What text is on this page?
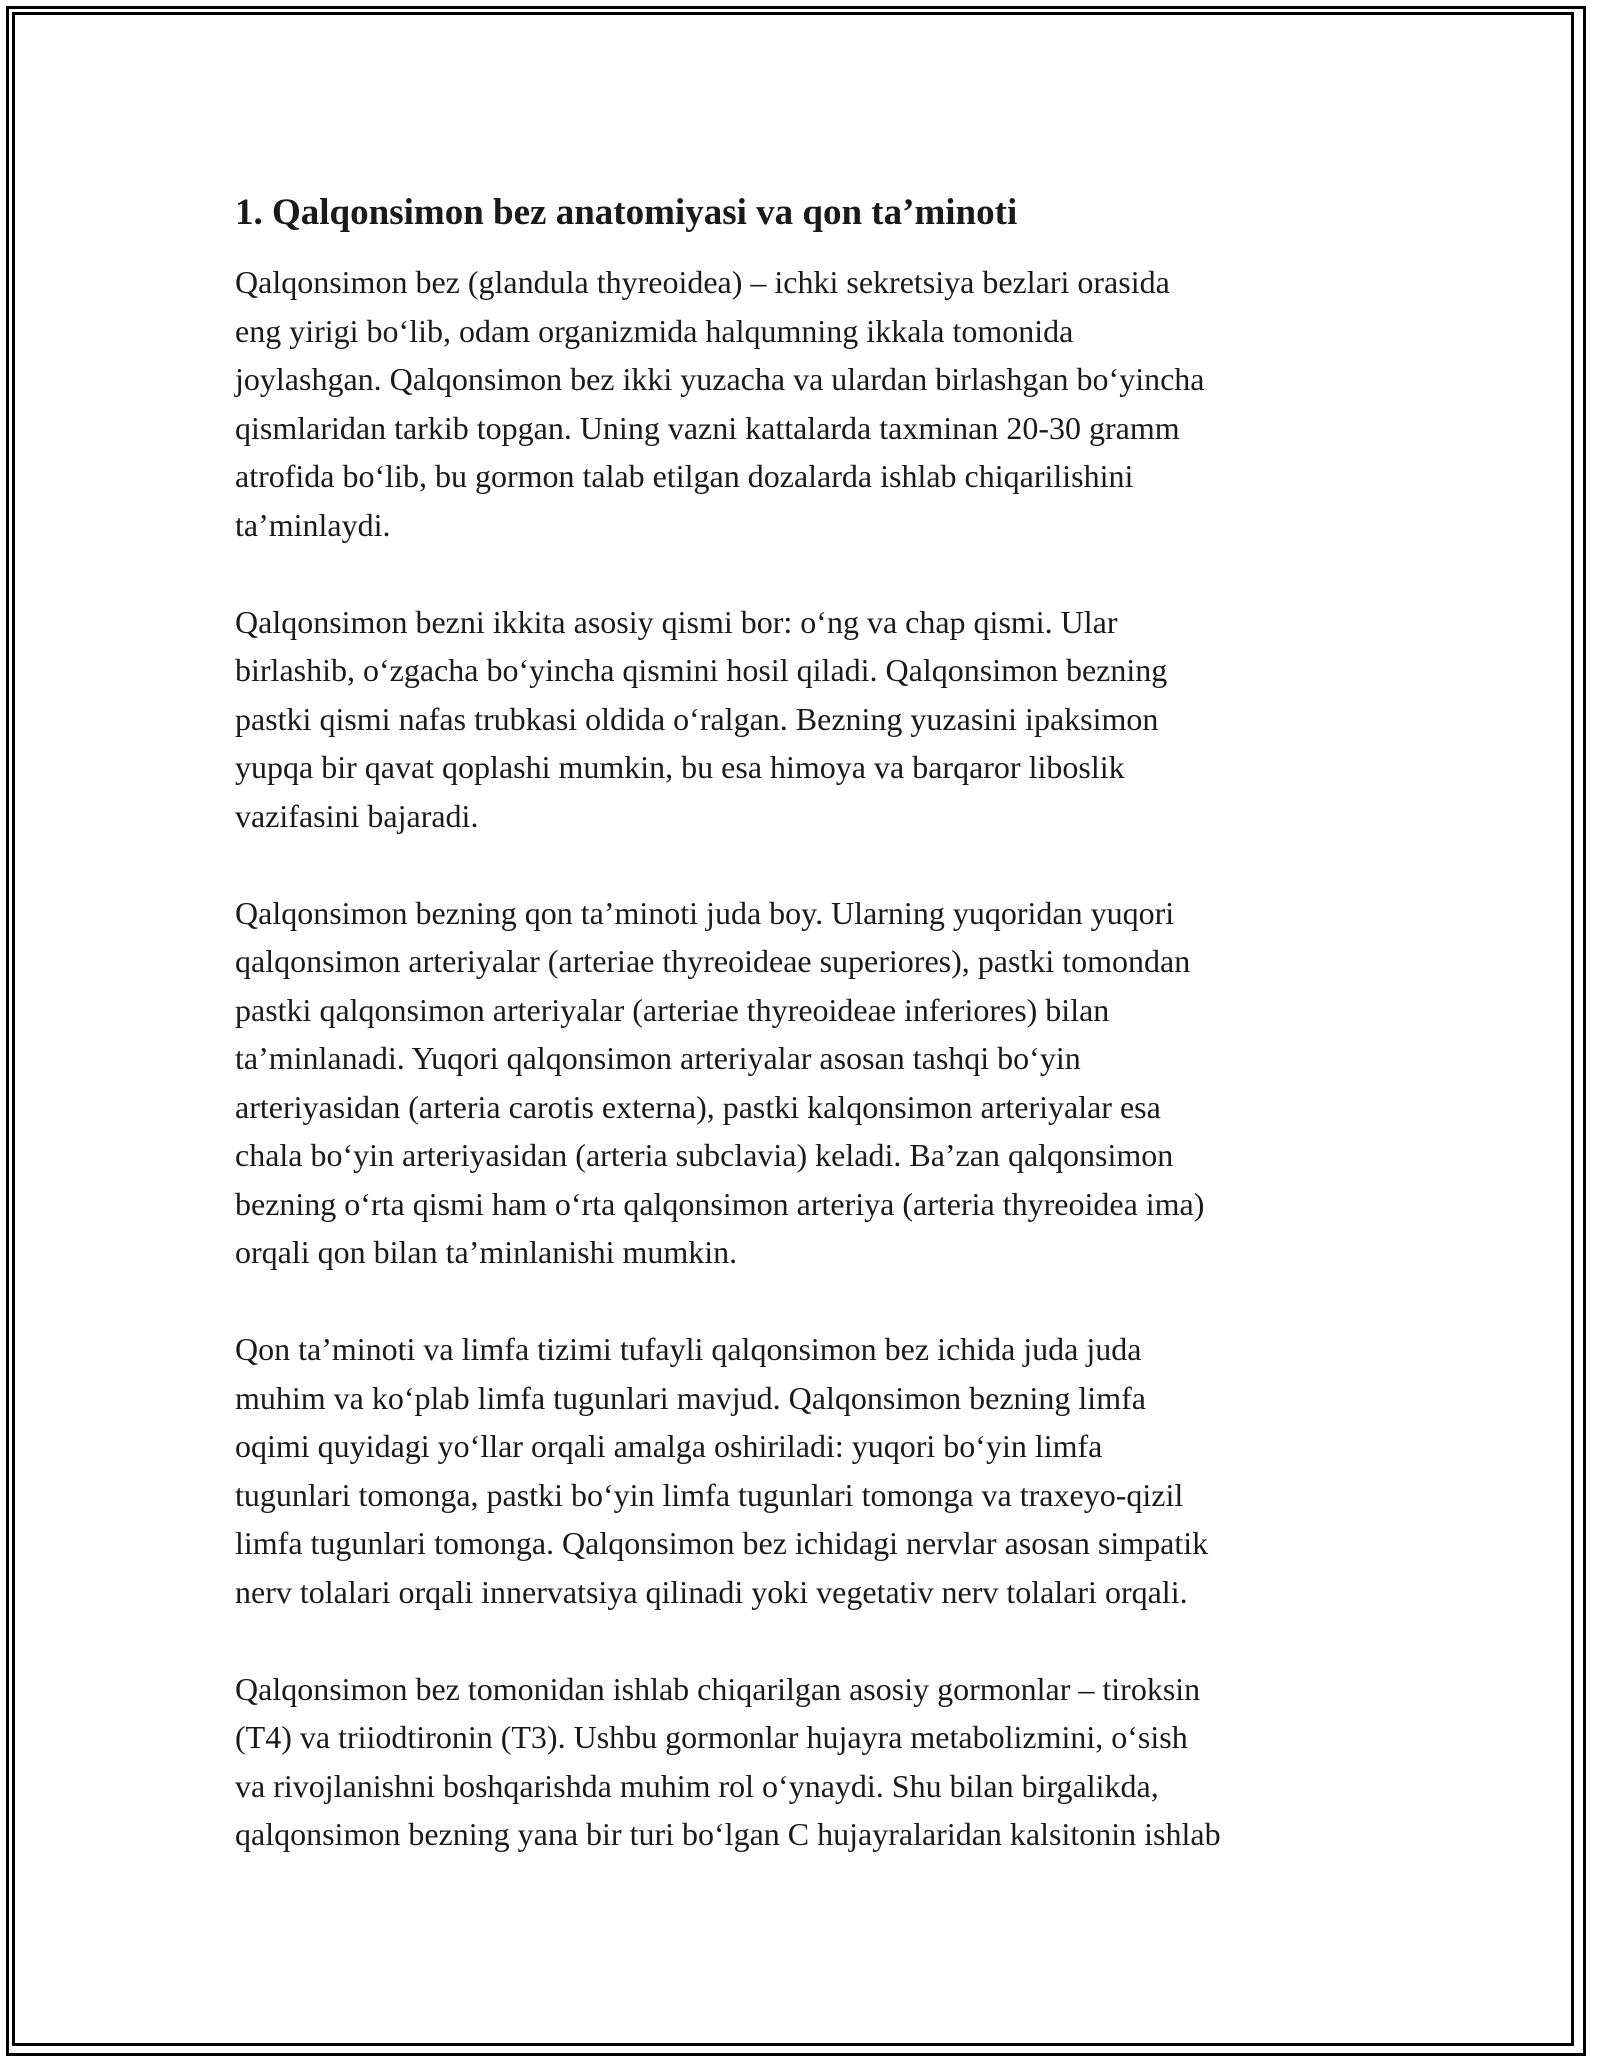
1. Qalqonsimon bez anatomiyasi va qon ta’minoti

Qalqonsimon bez (glandula thyreoidea) – ichki sekretsiya bezlari orasida
eng yirigi bo‘lib, odam organizmida halqumning ikkala tomonida
joylashgan. Qalqonsimon bez ikki yuzacha va ulardan birlashgan bo‘yincha
qismlaridan tarkib topgan. Uning vazni kattalarda taxminan 20-30 gramm
atrofida bo‘lib, bu gormon talab etilgan dozalarda ishlab chiqarilishini
ta’minlaydi.

Qalqonsimon bezni ikkita asosiy qismi bor: o‘ng va chap qismi. Ular
birlashib, o‘zgacha bo‘yincha qismini hosil qiladi. Qalqonsimon bezning
pastki qismi nafas trubkasi oldida o‘ralgan. Bezning yuzasini ipaksimon
yupqa bir qavat qoplashi mumkin, bu esa himoya va barqaror liboslik
vazifasini bajaradi.

Qalqonsimon bezning qon ta’minoti juda boy. Ularning yuqoridan yuqori
qalqonsimon arteriyalar (arteriae thyreoideae superiores), pastki tomondan
pastki qalqonsimon arteriyalar (arteriae thyreoideae inferiores) bilan
ta’minlanadi. Yuqori qalqonsimon arteriyalar asosan tashqi bo‘yin
arteriyasidan (arteria carotis externa), pastki kalqonsimon arteriyalar esa
chala bo‘yin arteriyasidan (arteria subclavia) keladi. Ba’zan qalqonsimon
bezning o‘rta qismi ham o‘rta qalqonsimon arteriya (arteria thyreoidea ima)
orqali qon bilan ta’minlanishi mumkin.

Qon ta’minoti va limfa tizimi tufayli qalqonsimon bez ichida juda juda
muhim va ko‘plab limfa tugunlari mavjud. Qalqonsimon bezning limfa
oqimi quyidagi yo‘llar orqali amalga oshiriladi: yuqori bo‘yin limfa
tugunlari tomonga, pastki bo‘yin limfa tugunlari tomonga va traxeyo-qizil
limfa tugunlari tomonga. Qalqonsimon bez ichidagi nervlar asosan simpatik
nerv tolalari orqali innervatsiya qilinadi yoki vegetativ nerv tolalari orqali.

Qalqonsimon bez tomonidan ishlab chiqarilgan asosiy gormonlar – tiroksin
(T4) va triiodtironin (T3). Ushbu gormonlar hujayra metabolizmini, o‘sish
va rivojlanishni boshqarishda muhim rol o‘ynaydi. Shu bilan birgalikda,
qalqonsimon bezning yana bir turi bo‘lgan C hujayralaridan kalsitonin ishlab
